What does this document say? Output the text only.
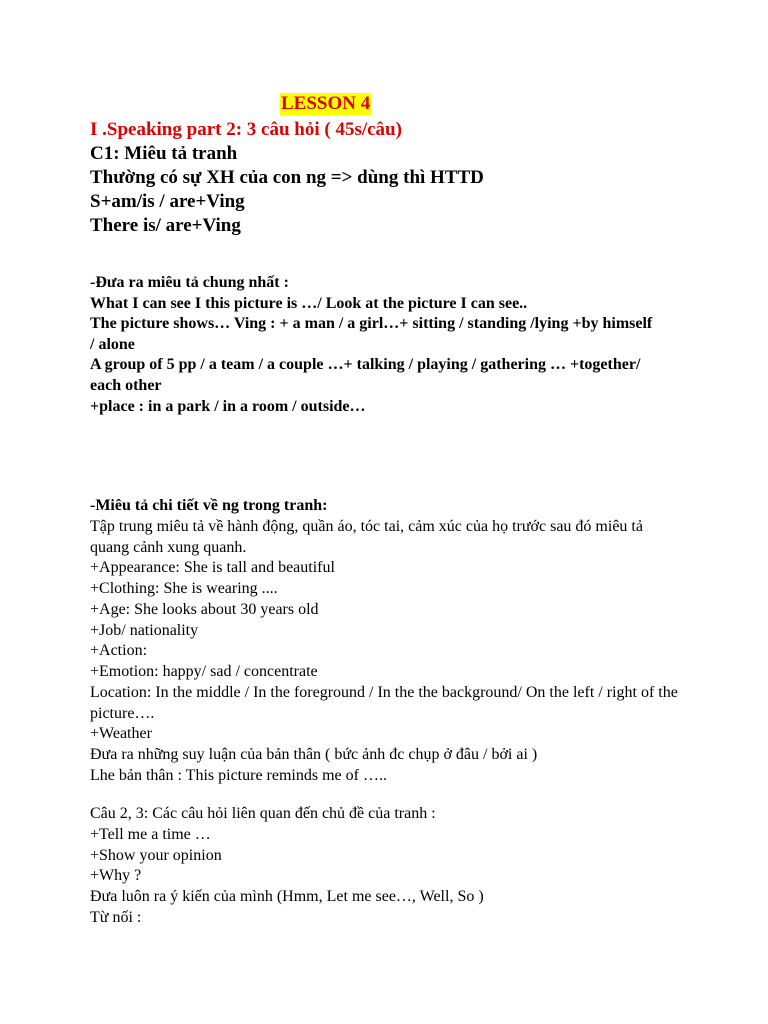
LESSON 4
I .Speaking part 2: 3 câu hỏi ( 45s/câu)
C1: Miêu tả tranh
Thường có sự XH của con ng => dùng thì HTTD
S+am/is / are+Ving
There is/ are+Ving
-Đưa ra miêu tả chung nhất :
What I can see I this picture is …/ Look at the picture I can see..
The picture shows… Ving : + a man / a girl…+ sitting / standing /lying +by himself / alone
A group of 5 pp / a team / a couple …+ talking / playing / gathering … +together/ each other
+place : in a park / in a room / outside…
-Miêu tả chi tiết về ng trong tranh:
Tập trung miêu tả về hành động, quần áo, tóc tai, cảm xúc của họ trước sau đó miêu tả quang cảnh xung quanh.
+Appearance: She is tall and beautiful
+Clothing: She is wearing ....
+Age: She looks about 30 years old
+Job/ nationality
+Action:
+Emotion: happy/ sad / concentrate
Location: In the middle / In the foreground / In the the background/ On the left / right of the picture….
+Weather
Đưa ra những suy luận của bản thân ( bức ảnh đc chụp ở đâu / bởi ai )
Lhe bản thân : This picture reminds me of …..
Câu 2, 3: Các câu hỏi liên quan đến chủ đề của tranh :
+Tell me a time …
+Show your opinion
+Why ?
Đưa luôn ra ý kiến của mình (Hmm, Let me see…, Well, So )
Từ nối :
